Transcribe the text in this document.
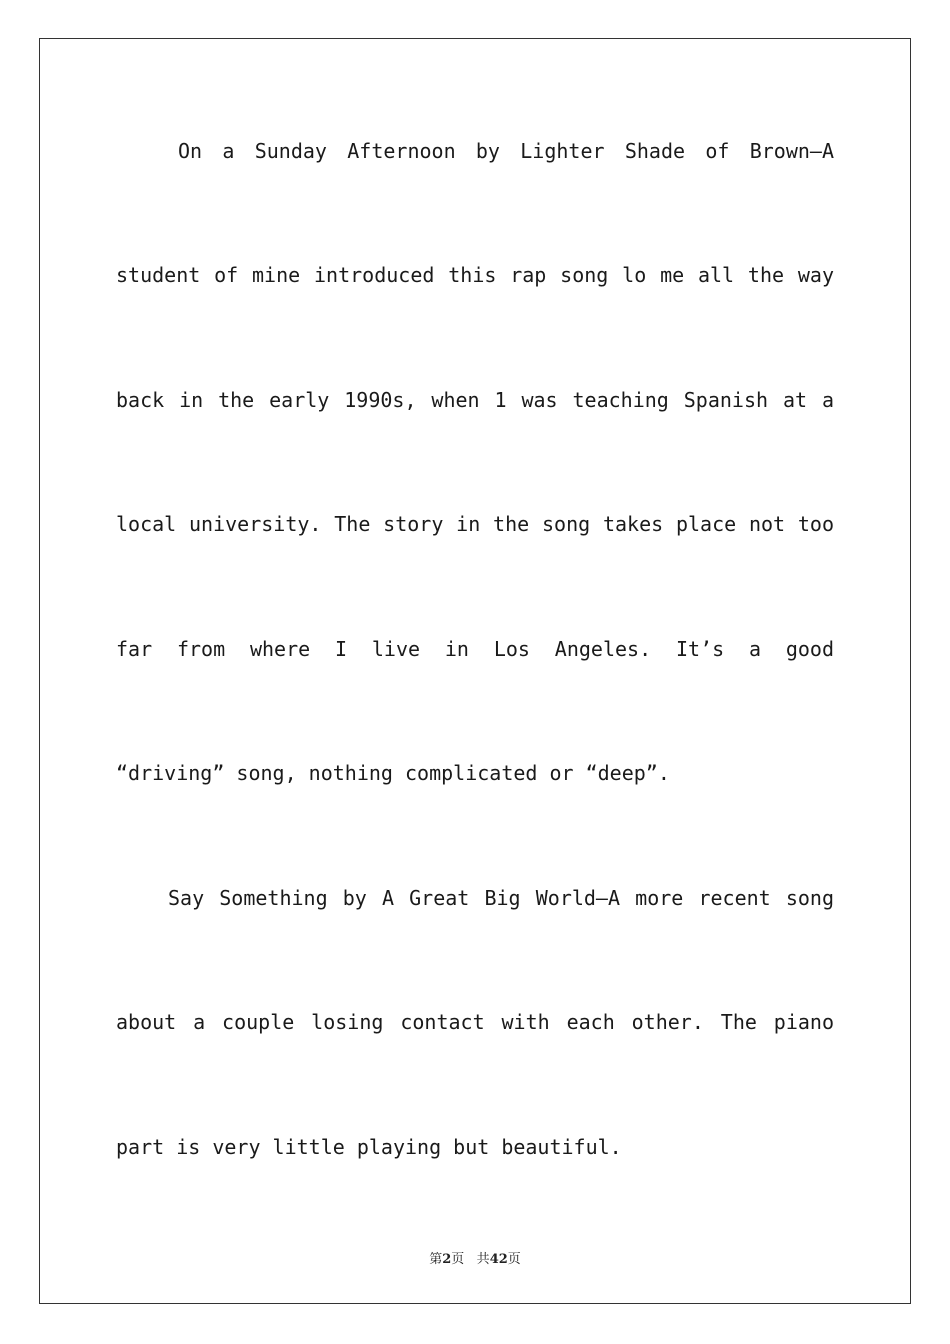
On a Sunday Afternoon by Lighter Shade of Brown—A
student of mine introduced this rap song lo me all the way
back in the early 1990s, when 1 was teaching Spanish at a
local university. The story in the song takes place not too
far from where I live in Los Angeles. It’s a good
“driving” song, nothing complicated or “deep”.
Say Something by A Great Big World—A more recent song
about a couple losing contact with each other. The piano
part is very little playing but beautiful.
第2页 共42页
